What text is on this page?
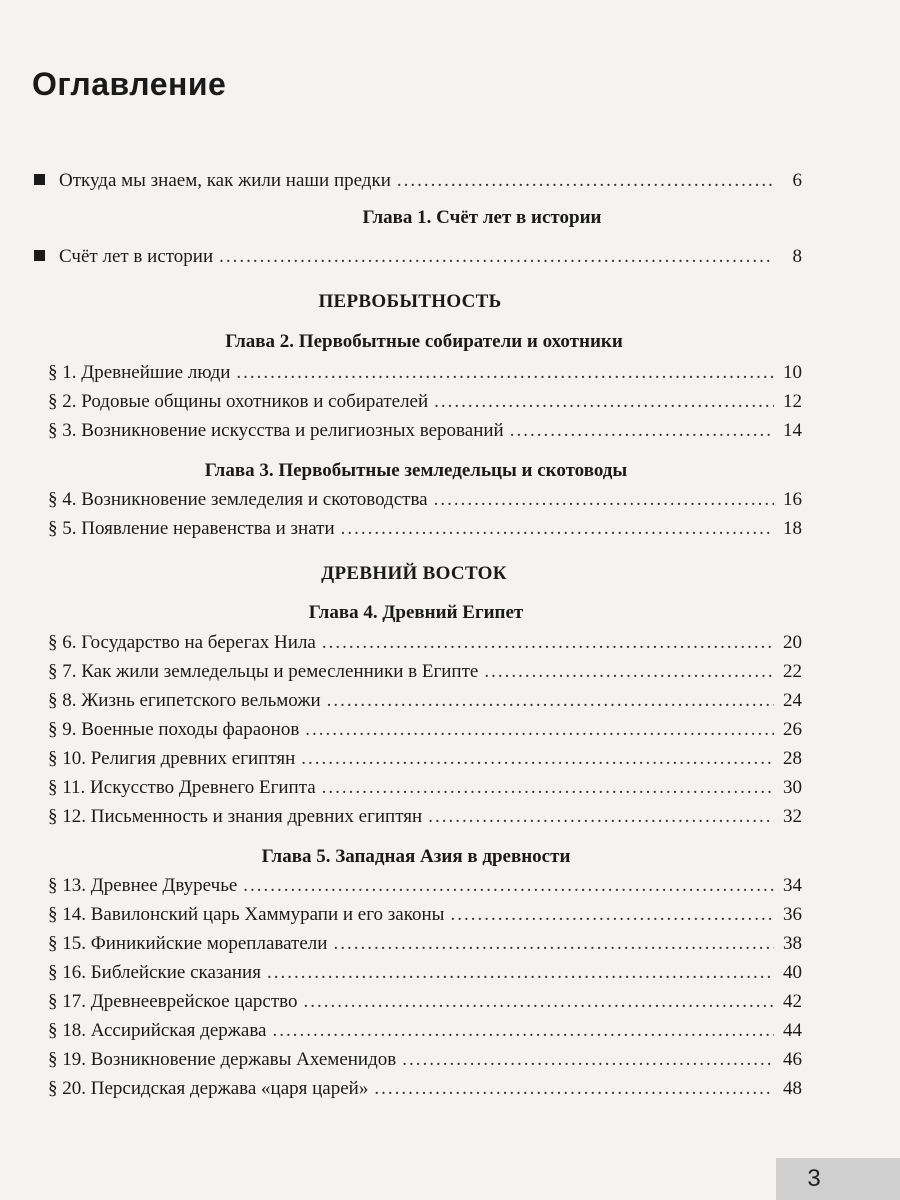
Оглавление
Откуда мы знаем, как жили наши предки .....	6
Глава 1. Счёт лет в истории
Счёт лет в истории .....	8
ПЕРВОБЫТНОСТЬ
Глава 2. Первобытные собиратели и охотники
§ 1. Древнейшие люди .....	10
§ 2. Родовые общины охотников и собирателей .....	12
§ 3. Возникновение искусства и религиозных верований .....	14
Глава 3. Первобытные земледельцы и скотоводы
§ 4. Возникновение земледелия и скотоводства .....	16
§ 5. Появление неравенства и знати .....	18
ДРЕВНИЙ ВОСТОК
Глава 4. Древний Египет
§ 6. Государство на берегах Нила .....	20
§ 7. Как жили земледельцы и ремесленники в Египте .....	22
§ 8. Жизнь египетского вельможи .....	24
§ 9. Военные походы фараонов .....	26
§ 10. Религия древних египтян .....	28
§ 11. Искусство Древнего Египта .....	30
§ 12. Письменность и знания древних египтян .....	32
Глава 5. Западная Азия в древности
§ 13. Древнее Двуречье .....	34
§ 14. Вавилонский царь Хаммурапи и его законы .....	36
§ 15. Финикийские мореплаватели .....	38
§ 16. Библейские сказания .....	40
§ 17. Древнееврейское царство .....	42
§ 18. Ассирийская держава .....	44
§ 19. Возникновение державы Ахеменидов .....	46
§ 20. Персидская держава «царя царей» .....	48
3
